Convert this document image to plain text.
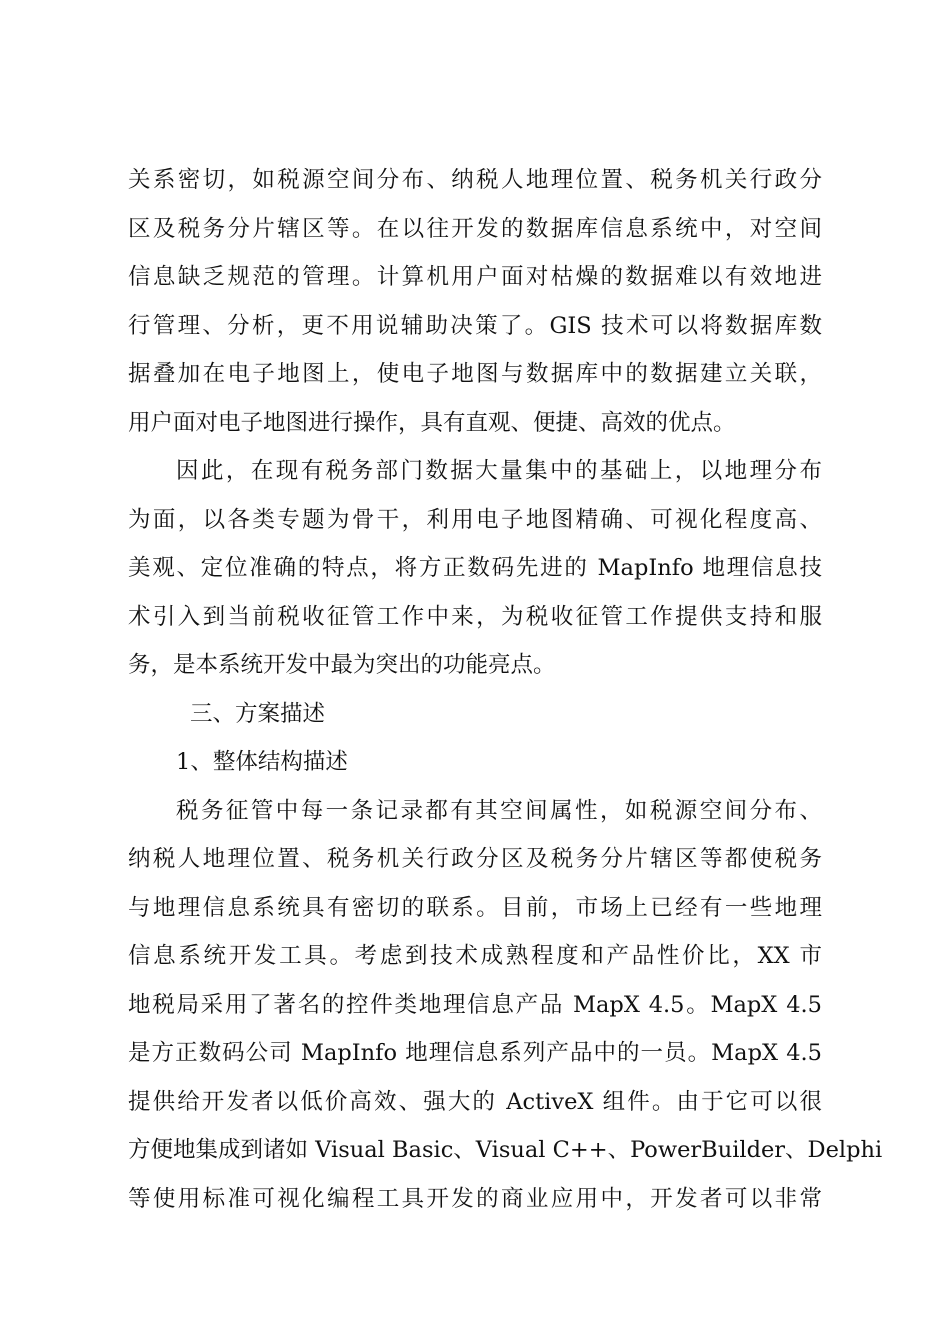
关系密切，如税源空间分布、纳税人地理位置、税务机关行政分
区及税务分片辖区等。在以往开发的数据库信息系统中，对空间
信息缺乏规范的管理。计算机用户面对枯燥的数据难以有效地进
行管理、分析，更不用说辅助决策了。GIS 技术可以将数据库数
据叠加在电子地图上，使电子地图与数据库中的数据建立关联，
用户面对电子地图进行操作，具有直观、便捷、高效的优点。
因此，在现有税务部门数据大量集中的基础上，以地理分布
为面，以各类专题为骨干，利用电子地图精确、可视化程度高、
美观、定位准确的特点，将方正数码先进的 MapInfo 地理信息技
术引入到当前税收征管工作中来，为税收征管工作提供支持和服
务，是本系统开发中最为突出的功能亮点。
三、方案描述
1、整体结构描述
税务征管中每一条记录都有其空间属性，如税源空间分布、
纳税人地理位置、税务机关行政分区及税务分片辖区等都使税务
与地理信息系统具有密切的联系。目前，市场上已经有一些地理
信息系统开发工具。考虑到技术成熟程度和产品性价比，XX 市
地税局采用了著名的控件类地理信息产品 MapX 4.5。MapX 4.5
是方正数码公司 MapInfo 地理信息系列产品中的一员。MapX 4.5
提供给开发者以低价高效、强大的 ActiveX 组件。由于它可以很
方便地集成到诸如 Visual Basic、Visual C++、PowerBuilder、Delphi
等使用标准可视化编程工具开发的商业应用中，开发者可以非常
